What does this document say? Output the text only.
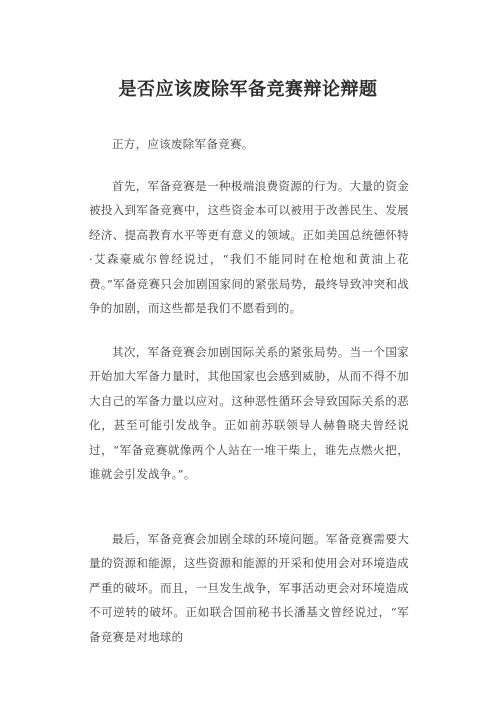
是否应该废除军备竞赛辩论辩题

正方，应该废除军备竞赛。

首先，军备竞赛是一种极端浪费资源的行为。大量的资金被投入到军备竞赛中，这些资金本可以被用于改善民生、发展经济、提高教育水平等更有意义的领域。正如美国总统德怀特·艾森豪威尔曾经说过，“我们不能同时在枪炮和黄油上花费。”军备竞赛只会加剧国家间的紧张局势，最终导致冲突和战争的加剧，而这些都是我们不愿看到的。

其次，军备竞赛会加剧国际关系的紧张局势。当一个国家开始加大军备力量时，其他国家也会感到威胁，从而不得不加大自己的军备力量以应对。这种恶性循环会导致国际关系的恶化，甚至可能引发战争。正如前苏联领导人赫鲁晓夫曾经说过，“军备竞赛就像两个人站在一堆干柴上，谁先点燃火把，谁就会引发战争。”。

最后，军备竞赛会加剧全球的环境问题。军备竞赛需要大量的资源和能源，这些资源和能源的开采和使用会对环境造成严重的破坏。而且，一旦发生战争，军事活动更会对环境造成不可逆转的破坏。正如联合国前秘书长潘基文曾经说过，“军备竞赛是对地球的
